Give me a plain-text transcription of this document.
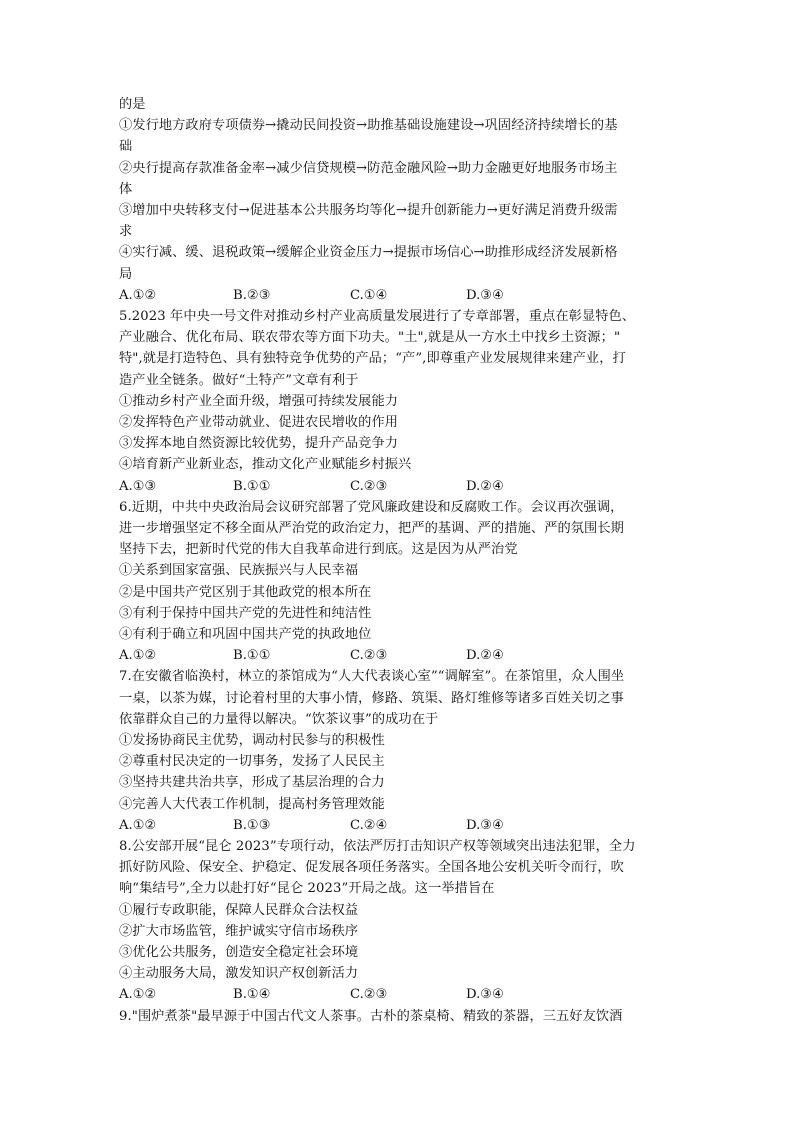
的是
①发行地方政府专项债券→撬动民间投资→助推基础设施建设→巩固经济持续增长的基
础
②央行提高存款准备金率→减少信贷规模→防范金融风险→助力金融更好地服务市场主
体
③增加中央转移支付→促进基本公共服务均等化→提升创新能力→更好满足消费升级需
求
④实行减、缓、退税政策→缓解企业资金压力→提振市场信心→助推形成经济发展新格
局
A.①②	B.②③	C.①④	D.③④
5.2023 年中央一号文件对推动乡村产业高质量发展进行了专章部署，重点在彰显特色、
产业融合、优化布局、联农带农等方面下功夫。"土",就是从一方水土中找乡土资源；"
特",就是打造特色、具有独特竞争优势的产品；“产”,即尊重产业发展规律来建产业，打
造产业全链条。做好“土特产”文章有利于
①推动乡村产业全面升级，增强可持续发展能力
②发挥特色产业带动就业、促进农民增收的作用
③发挥本地自然资源比较优势，提升产品竞争力
④培育新产业新业态，推动文化产业赋能乡村振兴
A.①③	B.①①	C.②③	D.②④
6.近期，中共中央政治局会议研究部署了党风廉政建设和反腐败工作。会议再次强调，
进一步增强坚定不移全面从严治党的政治定力，把严的基调、严的措施、严的氛围长期
坚持下去，把新时代党的伟大自我革命进行到底。这是因为从严治党
①关系到国家富强、民族振兴与人民幸福
②是中国共产党区别于其他政党的根本所在
③有利于保持中国共产党的先进性和纯洁性
④有利于确立和巩固中国共产党的执政地位
A.①②	B.①①	C.②③	D.②④
7.在安徽省临涣村，林立的茶馆成为“人大代表谈心室”“调解室”。在茶馆里，众人围坐
一桌，以茶为媒，讨论着村里的大事小情，修路、筑渠、路灯维修等诸多百姓关切之事
依靠群众自己的力量得以解决。“饮茶议事”的成功在于
①发扬协商民主优势，调动村民参与的积极性
②尊重村民决定的一切事务，发扬了人民民主
③坚持共建共治共享，形成了基层治理的合力
④完善人大代表工作机制，提高村务管理效能
A.①②	B.①③	C.②④	D.③④
8.公安部开展“昆仑 2023”专项行动，依法严厉打击知识产权等领域突出违法犯罪，全力
抓好防风险、保安全、护稳定、促发展各项任务落实。全国各地公安机关听令而行，吹
响“集结号”,全力以赴打好“昆仑 2023”开局之战。这一举措旨在
①履行专政职能，保障人民群众合法权益
②扩大市场监管，维护诚实守信市场秩序
③优化公共服务，创造安全稳定社会环境
④主动服务大局，激发知识产权创新活力
A.①②	B.①④	C.②③	D.③④
9."围炉煮茶"最早源于中国古代文人茶事。古朴的茶桌椅、精致的茶器，三五好友饮酒
